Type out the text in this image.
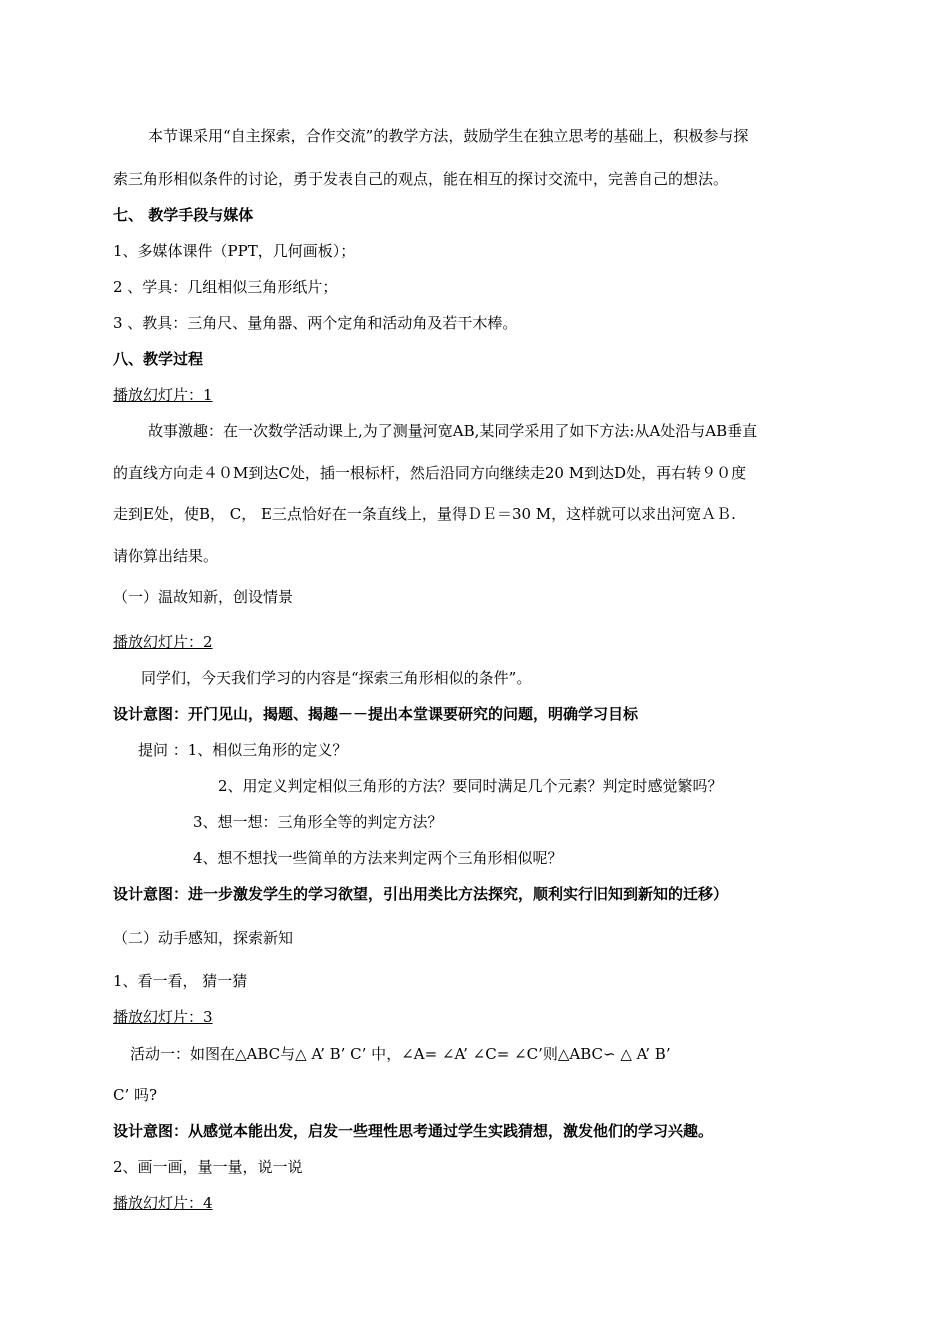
本节课采用“自主探索，合作交流”的教学方法，鼓励学生在独立思考的基础上，积极参与探
索三角形相似条件的讨论，勇于发表自己的观点，能在相互的探讨交流中，完善自己的想法。
七、 教学手段与媒体
1、多媒体课件（PPT，几何画板）；
2 、学具：几组相似三角形纸片；
3 、教具：三角尺、量角器、两个定角和活动角及若干木棒。
八、教学过程
播放幻灯片：1
故事激趣：在一次数学活动课上,为了测量河宽AB,某同学采用了如下方法:从A处沿与AB垂直
的直线方向走４０M到达C处，插一根标杆，然后沿同方向继续走20 M到达D处，再右转９０度
走到E处，使B， C， E三点恰好在一条直线上，量得ＤＥ＝30 M，这样就可以求出河宽ＡＢ.
请你算出结果。
（一）温故知新，创设情景
播放幻灯片：2
同学们，今天我们学习的内容是“探索三角形相似的条件”。
设计意图：开门见山，揭题、揭趣－－提出本堂课要研究的问题，明确学习目标
提问 ：1、相似三角形的定义？
2、用定义判定相似三角形的方法？要同时满足几个元素？判定时感觉繁吗？
3、想一想：三角形全等的判定方法？
4、想不想找一些简单的方法来判定两个三角形相似呢？
设计意图：进一步激发学生的学习欲望，引出用类比方法探究，顺利实行旧知到新知的迁移）
（二）动手感知，探索新知
1、看一看， 猜一猜
播放幻灯片：3
活动一：如图在△ABC与△ A’ B’ C’ 中，∠A= ∠A’ ∠C= ∠C’则△ABC∽ △ A’ B’
C’ 吗?
设计意图：从感觉本能出发，启发一些理性思考通过学生实践猜想，激发他们的学习兴趣。
2、画一画，量一量，说一说
播放幻灯片：4
